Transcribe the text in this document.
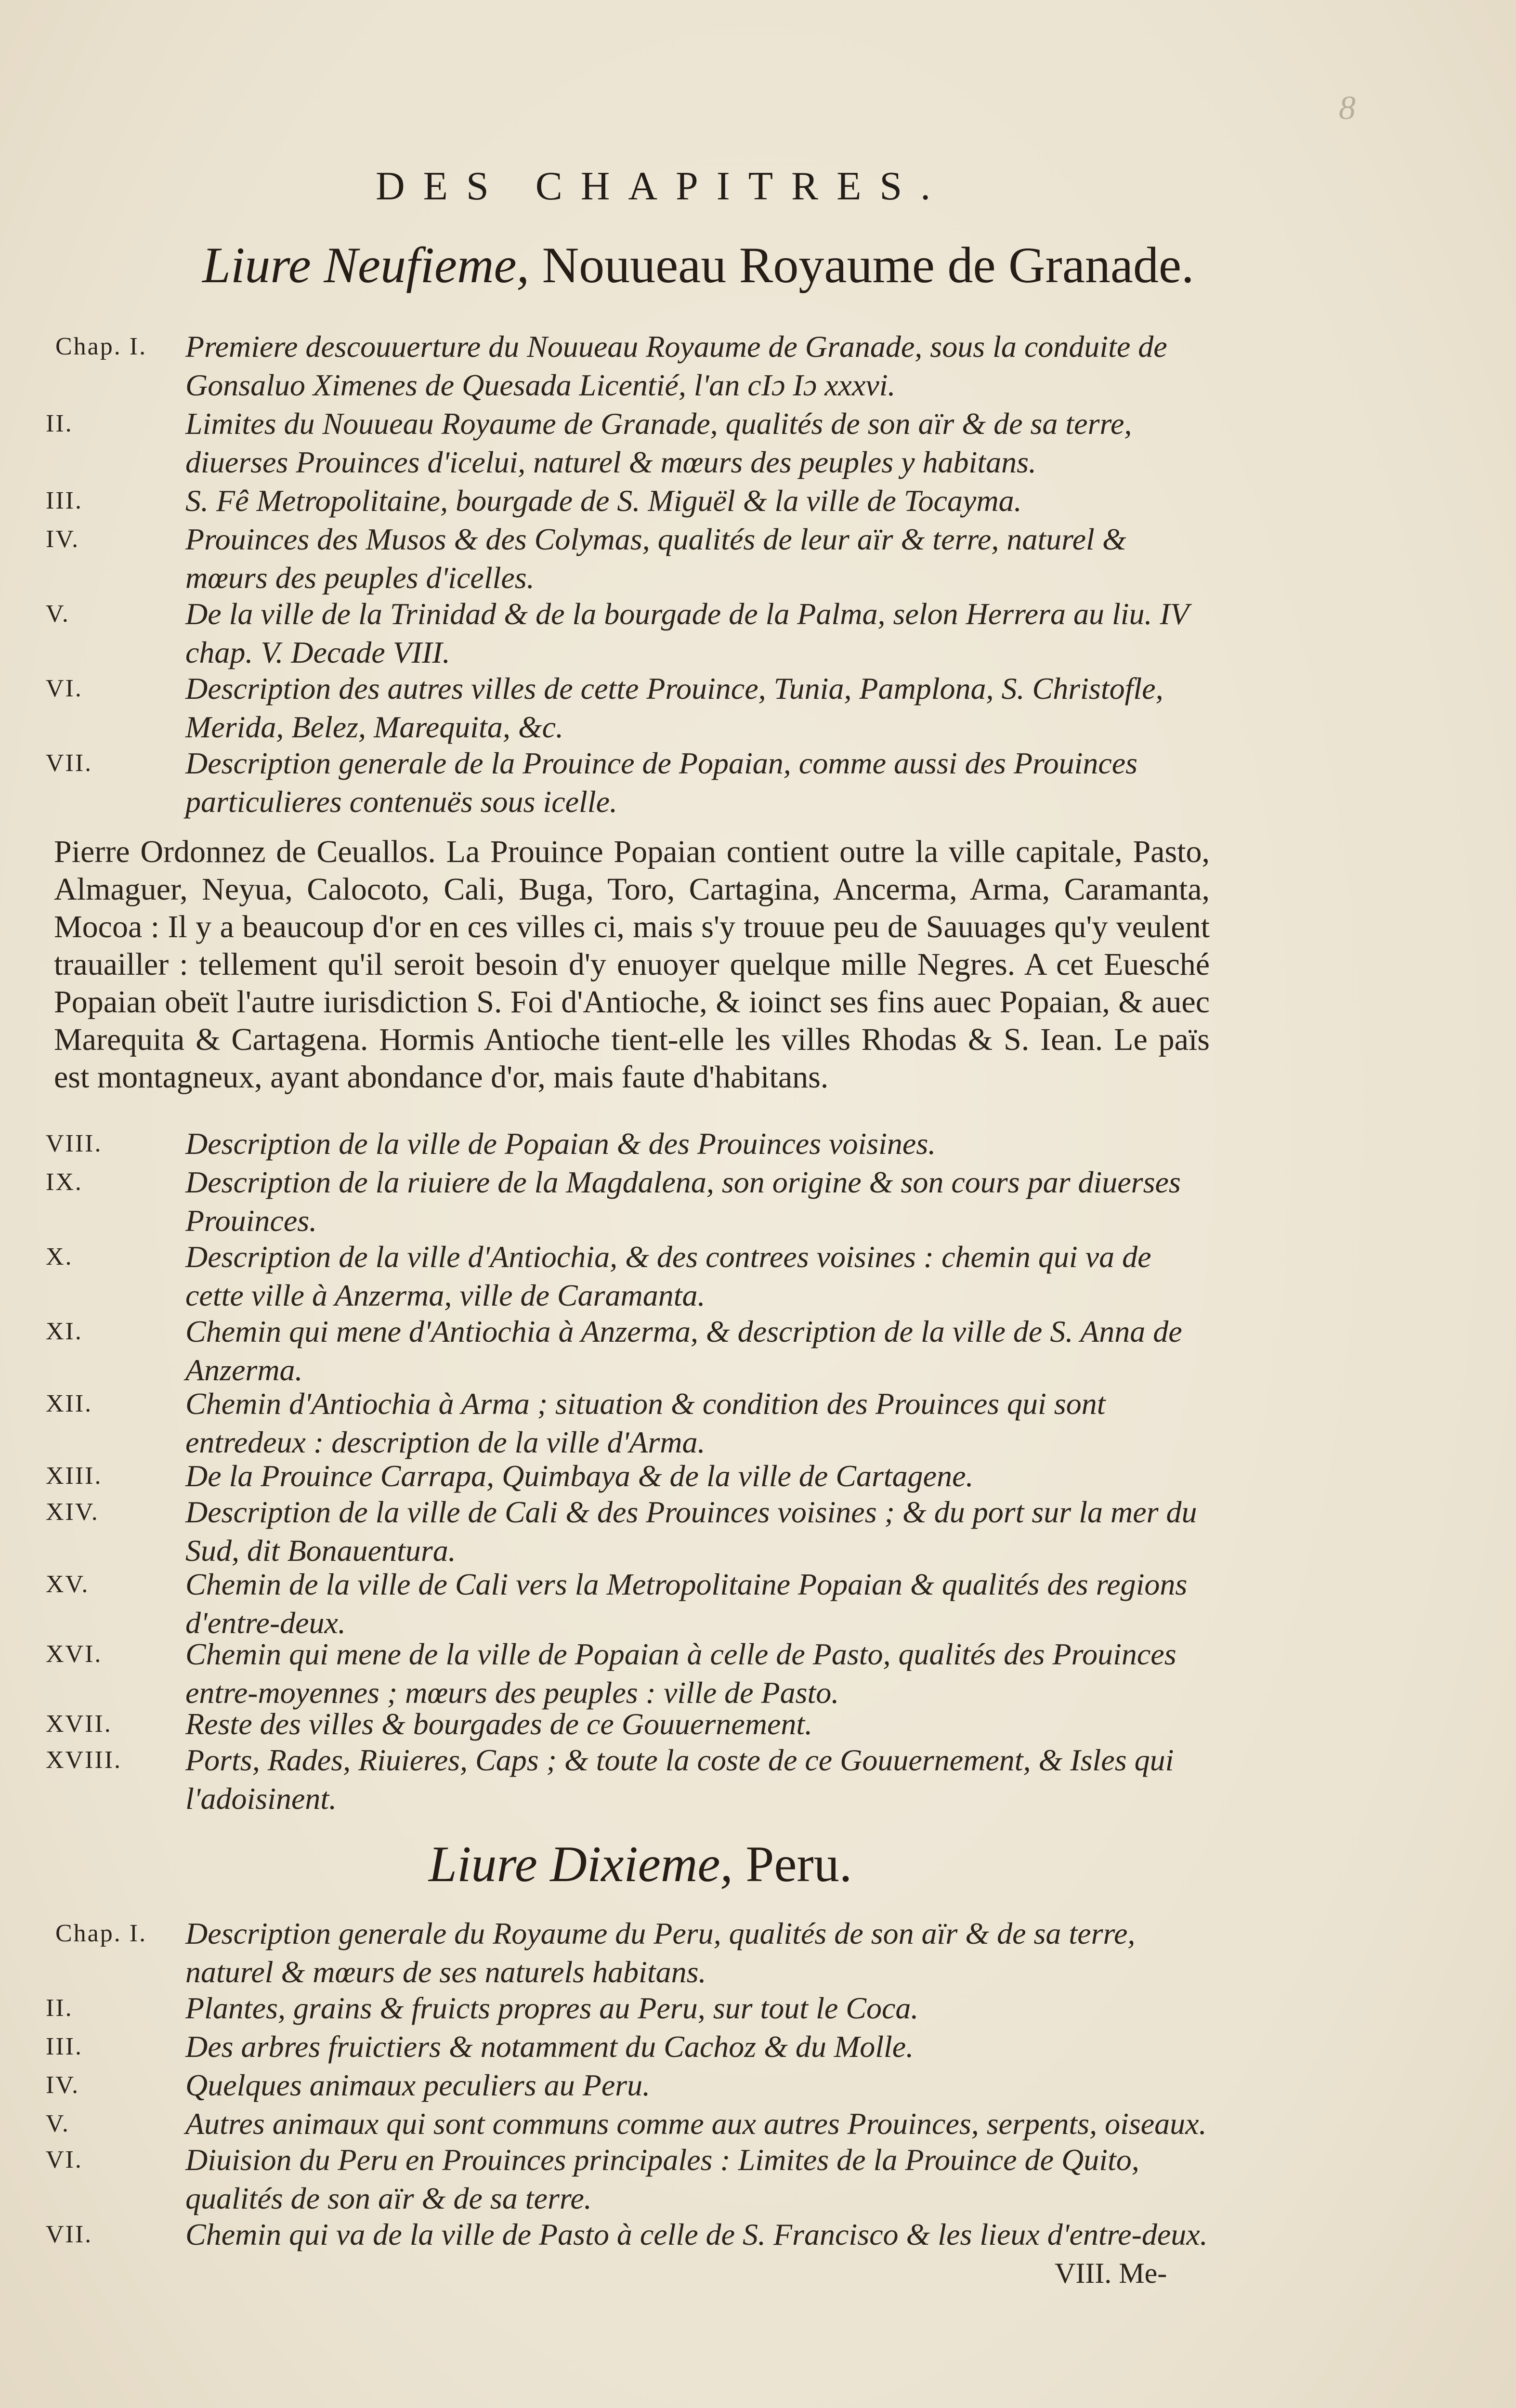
8
DES CHAPITRES.
Liure Neufieme, Nouueau Royaume de Granade.
Chap. I.	Premiere descouuerture du Nouueau Royaume de Granade, sous la conduite de Gonsaluo Ximenes de Quesada Licentié, l'an cIɔ Iɔ xxxvi.
II.	Limites du Nouueau Royaume de Granade, qualités de son aïr & de sa terre, diuerses Prouinces d'icelui, naturel & mœurs des peuples y habitans.
III.	S. Fê Metropolitaine, bourgade de S. Miguël & la ville de Tocayma.
IV.	Prouinces des Musos & des Colymas, qualités de leur aïr & terre, naturel & mœurs des peuples d'icelles.
V.	De la ville de la Trinidad & de la bourgade de la Palma, selon Herrera au liu. IV chap. V. Decade VIII.
VI.	Description des autres villes de cette Prouince, Tunia, Pamplona, S. Christofle, Merida, Belez, Marequita, &c.
VII.	Description generale de la Prouince de Popaian, comme aussi des Prouinces particulieres contenuës sous icelle.
Pierre Ordonnez de Ceuallos. La Prouince Popaian contient outre la ville capitale, Pasto, Almaguer, Neyua, Calocoto, Cali, Buga, Toro, Cartagina, Ancerma, Arma, Caramanta, Mocoa : Il y a beaucoup d'or en ces villes ci, mais s'y trouue peu de Sauuages qu'y veulent trauailler : tellement qu'il seroit besoin d'y enuoyer quelque mille Negres. A cet Euesché Popaian obeït l'autre iurisdiction S. Foi d'Antioche, & ioinct ses fins auec Popaian, & auec Marequita & Cartagena. Hormis Antioche tient-elle les villes Rhodas & S. Iean. Le païs est montagneux, ayant abondance d'or, mais faute d'habitans.
VIII.	Description de la ville de Popaian & des Prouinces voisines.
IX.	Description de la riuiere de la Magdalena, son origine & son cours par diuerses Prouinces.
X.	Description de la ville d'Antiochia, & des contrees voisines : chemin qui va de cette ville à Anzerma, ville de Caramanta.
XI.	Chemin qui mene d'Antiochia à Anzerma, & description de la ville de S. Anna de Anzerma.
XII.	Chemin d'Antiochia à Arma ; situation & condition des Prouinces qui sont entredeux : description de la ville d'Arma.
XIII.	De la Prouince Carrapa, Quimbaya & de la ville de Cartagene.
XIV.	Description de la ville de Cali & des Prouinces voisines ; & du port sur la mer du Sud, dit Bonauentura.
XV.	Chemin de la ville de Cali vers la Metropolitaine Popaian & qualités des regions d'entre-deux.
XVI.	Chemin qui mene de la ville de Popaian à celle de Pasto, qualités des Prouinces entre-moyennes ; mœurs des peuples : ville de Pasto.
XVII.	Reste des villes & bourgades de ce Gouuernement.
XVIII.	Ports, Rades, Riuieres, Caps ; & toute la coste de ce Gouuernement, & Isles qui l'adoisinent.
Liure Dixieme, Peru.
Chap. I.	Description generale du Royaume du Peru, qualités de son aïr & de sa terre, naturel & mœurs de ses naturels habitans.
II.	Plantes, grains & fruicts propres au Peru, sur tout le Coca.
III.	Des arbres fruictiers & notamment du Cachoz & du Molle.
IV.	Quelques animaux peculiers au Peru.
V.	Autres animaux qui sont communs comme aux autres Prouinces, serpents, oiseaux.
VI.	Diuision du Peru en Prouinces principales : Limites de la Prouince de Quito, qualités de son aïr & de sa terre.
VII.	Chemin qui va de la ville de Pasto à celle de S. Francisco & les lieux d'entre-deux.
VIII. Me-
